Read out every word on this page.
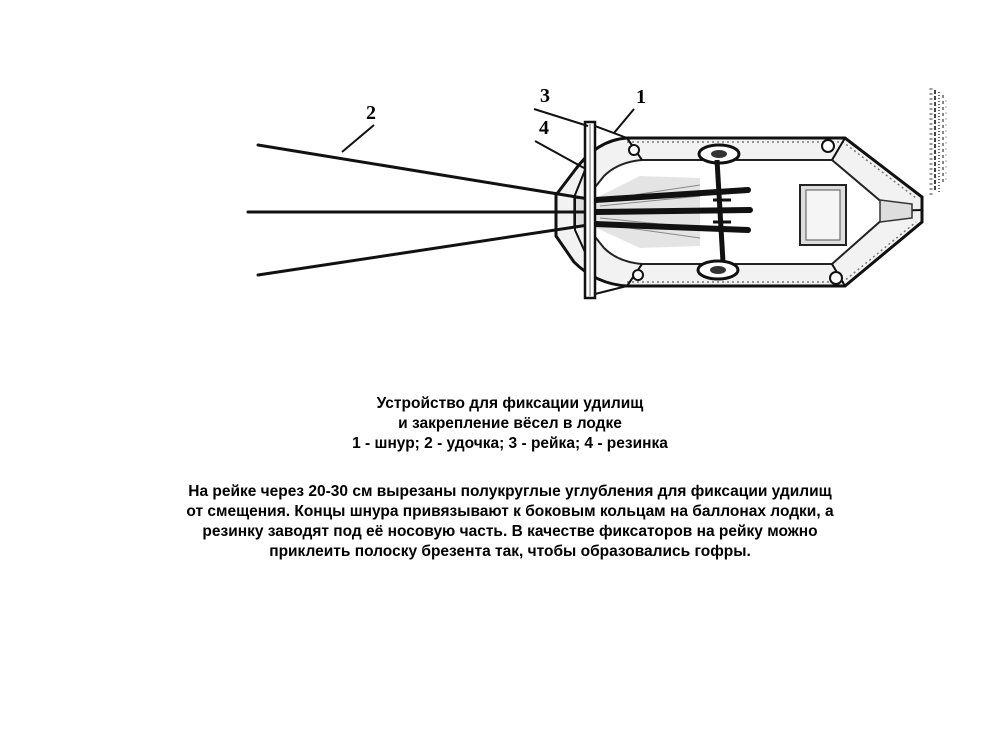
3	1
4
2
Устройство для фиксации удилищ
и закрепление вёсел в лодке
1 - шнур; 2 - удочка; 3 - рейка; 4 - резинка
На рейке через 20-30 см вырезаны полукруглые углубления для фиксации удилищ
от смещения. Концы шнура привязывают к боковым кольцам на баллонах лодки, а
резинку заводят под её носовую часть. В качестве фиксаторов на рейку можно
приклеить полоску брезента так, чтобы образовались гофры.
